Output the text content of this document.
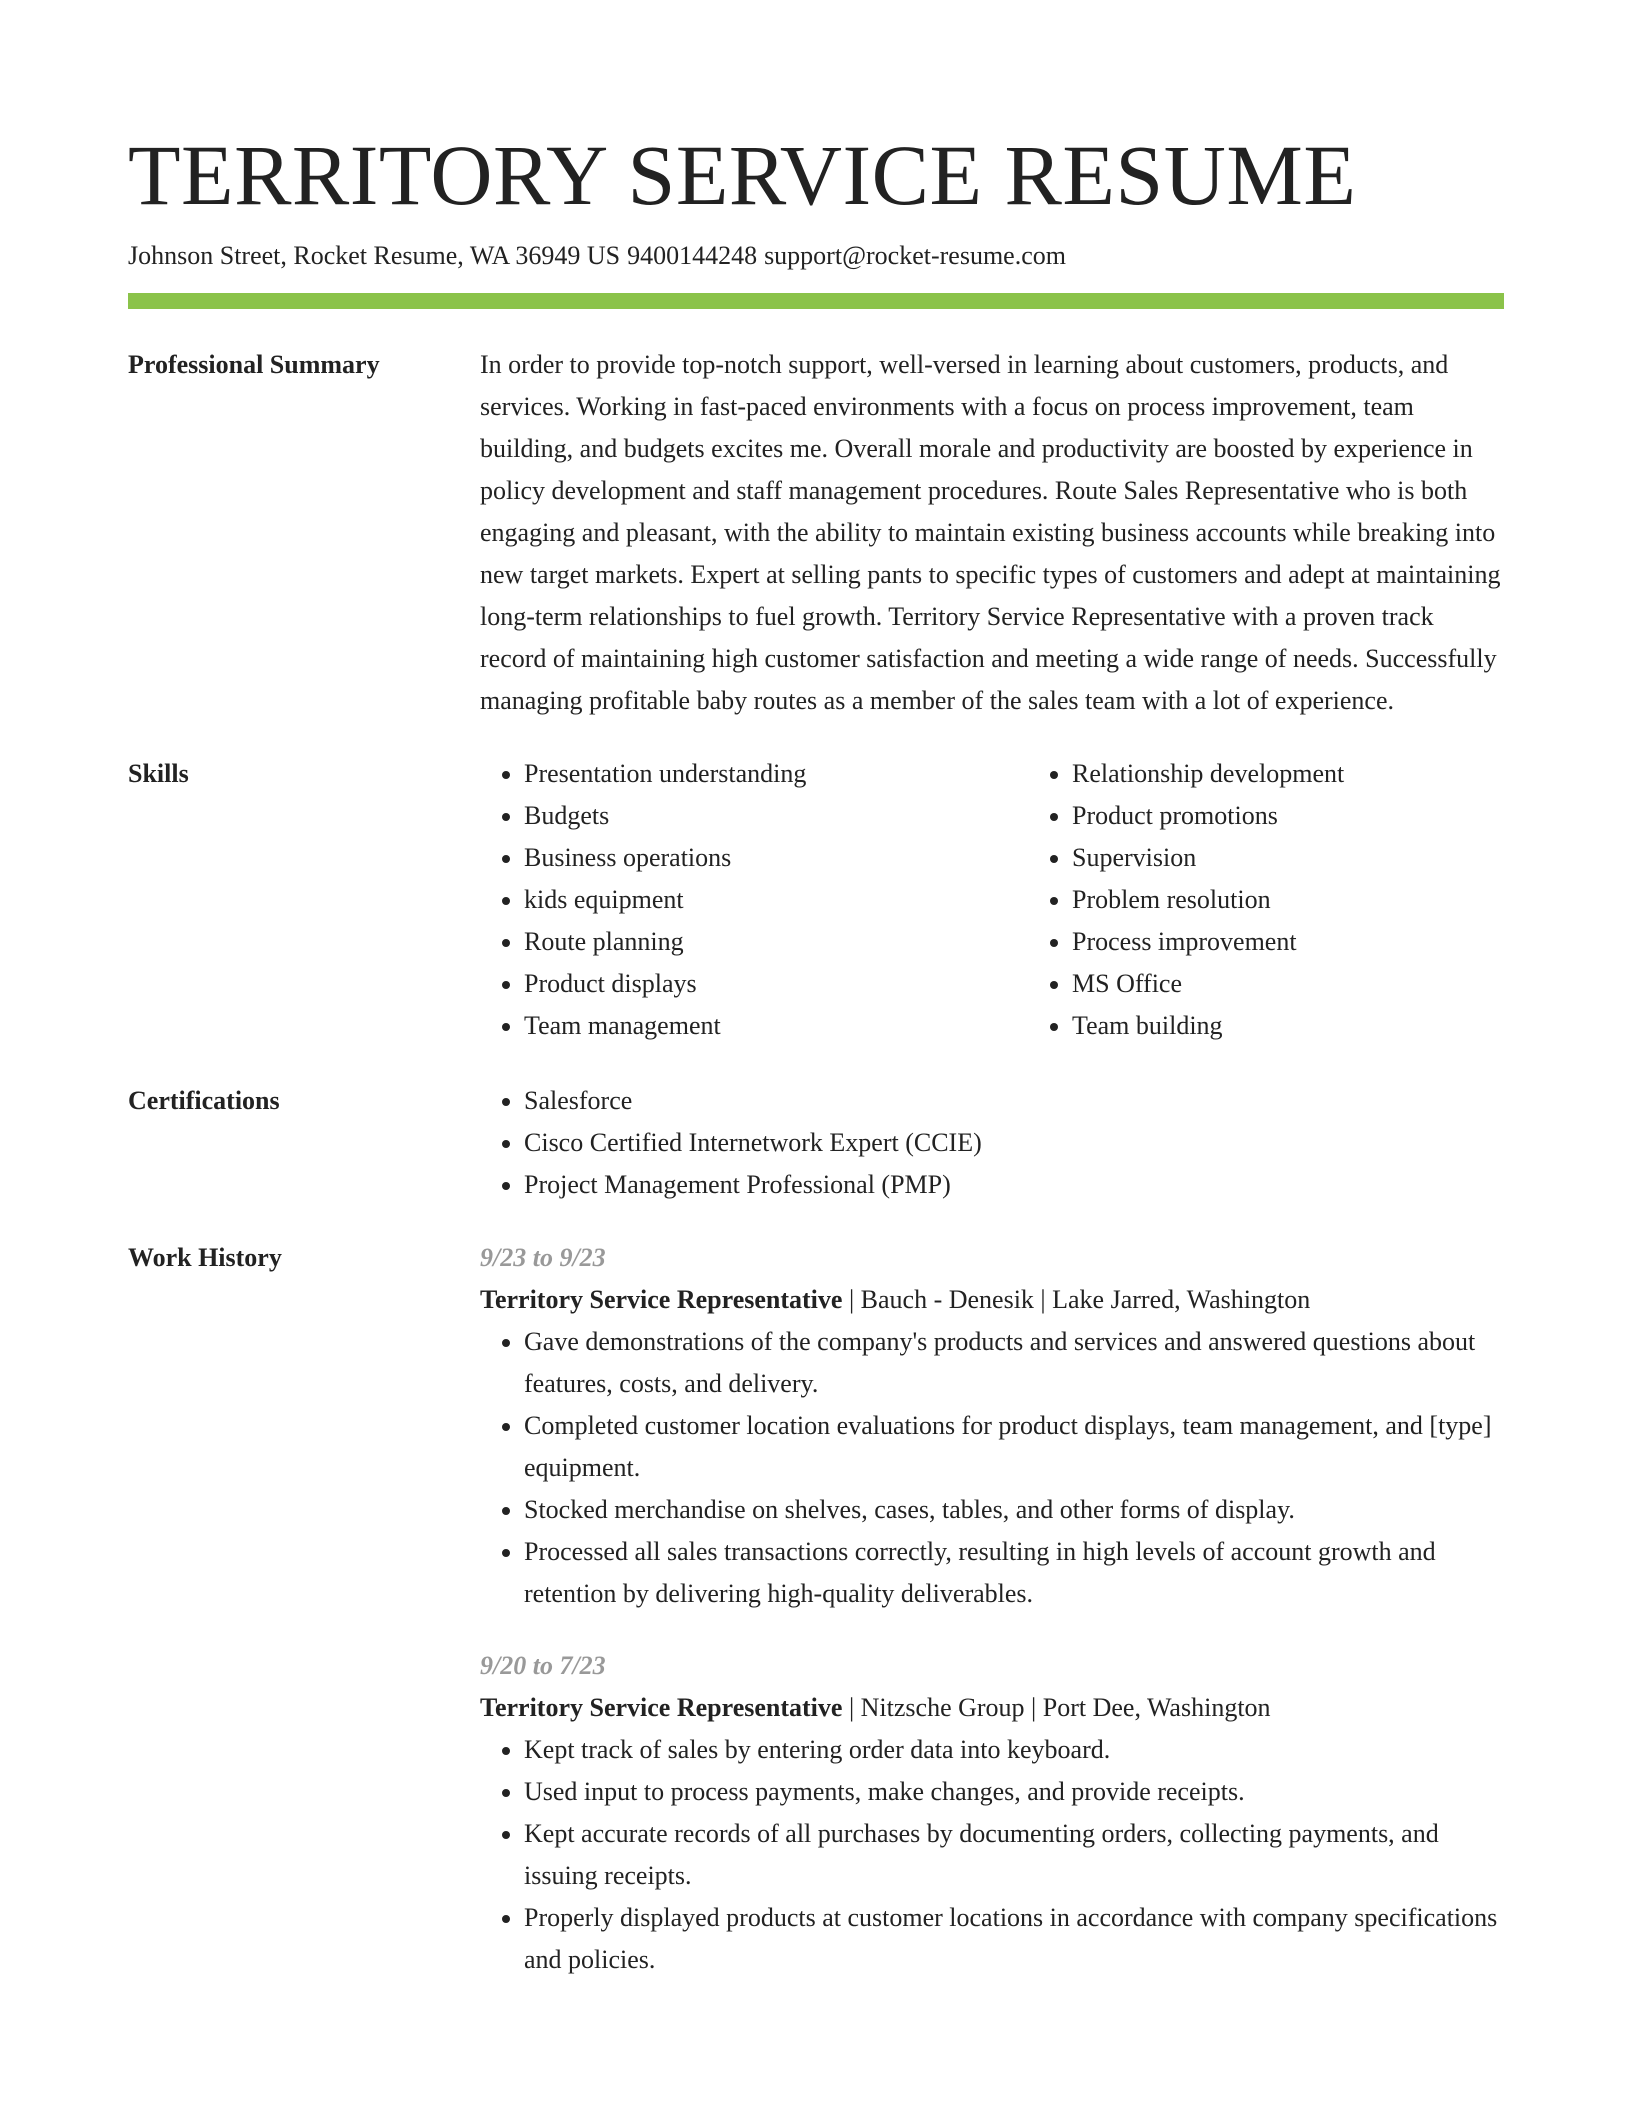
TERRITORY SERVICE RESUME
Johnson Street, Rocket Resume, WA 36949 US 9400144248 support@rocket-resume.com
Professional Summary	In order to provide top-notch support, well-versed in learning about customers, products, and services. Working in fast-paced environments with a focus on process improvement, team building, and budgets excites me. Overall morale and productivity are boosted by experience in policy development and staff management procedures. Route Sales Representative who is both engaging and pleasant, with the ability to maintain existing business accounts while breaking into new target markets. Expert at selling pants to specific types of customers and adept at maintaining long-term relationships to fuel growth. Territory Service Representative with a proven track record of maintaining high customer satisfaction and meeting a wide range of needs. Successfully managing profitable baby routes as a member of the sales team with a lot of experience.

Skills	• Presentation understanding
• Budgets
• Business operations
• kids equipment
• Route planning
• Product displays
• Team management
• Relationship development
• Product promotions
• Supervision
• Problem resolution
• Process improvement
• MS Office
• Team building
Certifications	• Salesforce
• Cisco Certified Internetwork Expert (CCIE)
• Project Management Professional (PMP)
Work History	9/23 to 9/23
Territory Service Representative | Bauch - Denesik | Lake Jarred, Washington
• Gave demonstrations of the company's products and services and answered questions about features, costs, and delivery.
• Completed customer location evaluations for product displays, team management, and [type] equipment.
• Stocked merchandise on shelves, cases, tables, and other forms of display.
• Processed all sales transactions correctly, resulting in high levels of account growth and retention by delivering high-quality deliverables.
9/20 to 7/23
Territory Service Representative | Nitzsche Group | Port Dee, Washington
• Kept track of sales by entering order data into keyboard.
• Used input to process payments, make changes, and provide receipts.
• Kept accurate records of all purchases by documenting orders, collecting payments, and issuing receipts.
• Properly displayed products at customer locations in accordance with company specifications and policies.
